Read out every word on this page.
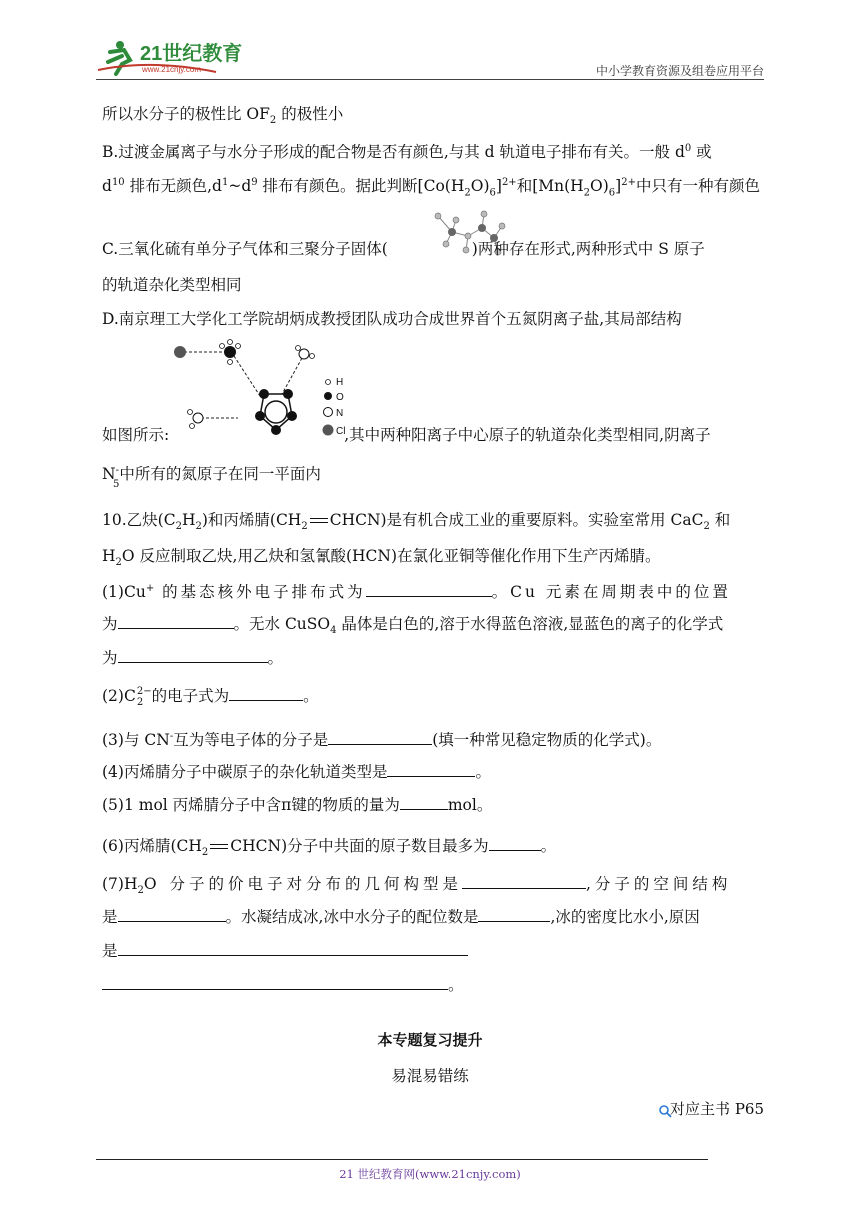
21世纪教育
www.21cnjy.com	中小学教育资源及组卷应用平台
所以水分子的极性比 $OF_2$ 的极性小
B.过渡金属离子与水分子形成的配合物是否有颜色,与其 d 轨道电子排布有关。一般 $d^0$ 或
$d^{10}$ 排布无颜色$,d^1\sim d^9$ 排布有颜色。据此判断$[Co(H_2O)_6]^{2+}$和$[Mn(H_2O)_6]^{2+}$中只有一种有颜色
C.三氧化硫有单分子气体和三聚分子固体(	)两种存在形式,两种形式中 S 原子
的轨道杂化类型相同
D.南京理工大学化工学院胡炳成教授团队成功合成世界首个五氮阴离子盐,其局部结构
H
O
N
Cl
如图所示:	,其中两种阳离子中心原子的轨道杂化类型相同,阴离子
$N^-_5$中所有的氮原子在同一平面内
10.乙炔$(C_2H_2)$和丙烯腈($CH_2$ CHCN)是有机合成工业的重要原料。实验室常用 CaC$_2$ 和
$H_2O$ 反应制取乙炔,用乙炔和氢氰酸(HCN)在氯化亚铜等催化作用下生产丙烯腈。
(1)Cu+ 的基态核外电子排布式为	。Cu 元素在周期表中的位置
为	。无水 CuSO$_4$ 晶体是白色的,溶于水得蓝色溶液,显蓝色的离子的化学式
为	。
(2)C 2−
2 的电子式为	。
(3)与 CN-互为等电子体的分子是	(填一种常见稳定物质的化学式)。
(4)丙烯腈分子中碳原子的杂化轨道类型是	。
(5)1 mol 丙烯腈分子中含π键的物质的量为	mol。
(6)丙烯腈($CH_2$ CHCN)分子中共面的原子数目最多为	。
$(7)H_2O$ 分子的价电子对分布的几何构型是	,分子的空间结构
是	。水凝结成冰,冰中水分子的配位数是	,冰的密度比水小,原因
是
。
本专题复习提升
易混易错练
对应主书 P65
21 世纪教育网(www.21cnjy.com)
